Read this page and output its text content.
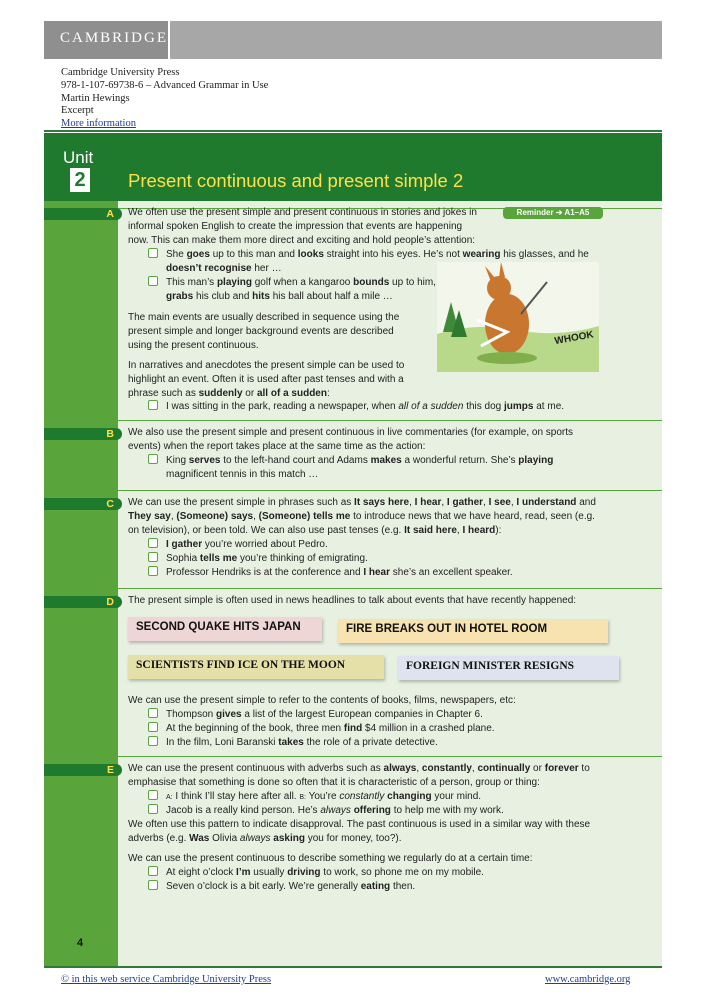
CAMBRIDGE
Cambridge University Press
978-1-107-69738-6 – Advanced Grammar in Use
Martin Hewings
Excerpt
More information
Unit
2 Present continuous and present simple 2
A	Reminder ➜ A1–A5
We often use the present simple and present continuous in stories and jokes in informal spoken English to create the impression that events are happening now. This can make them more direct and exciting and hold people’s attention:
She goes up to this man and looks straight into his eyes. He’s not wearing his glasses, and he doesn’t recognise her …
This man’s playing golf when a kangaroo bounds up to him, grabs his club and hits his ball about half a mile …
The main events are usually described in sequence using the present simple and longer background events are described using the present continuous.
In narratives and anecdotes the present simple can be used to highlight an event. Often it is used after past tenses and with a phrase such as suddenly or all of a sudden:
I was sitting in the park, reading a newspaper, when all of a sudden this dog jumps at me.
WHOOK
B	We also use the present simple and present continuous in live commentaries (for example, on sports events) when the report takes place at the same time as the action:
King serves to the left-hand court and Adams makes a wonderful return. She’s playing magnificent tennis in this match …
C	We can use the present simple in phrases such as It says here, I hear, I gather, I see, I understand and They say, (Someone) says, (Someone) tells me to introduce news that we have heard, read, seen (e.g. on television), or been told. We can also use past tenses (e.g. It said here, I heard):
I gather you’re worried about Pedro.
Sophia tells me you’re thinking of emigrating.
Professor Hendriks is at the conference and I hear she’s an excellent speaker.
D	The present simple is often used in news headlines to talk about events that have recently happened:
SECOND QUAKE HITS JAPAN	FIRE BREAKS OUT IN HOTEL ROOM
SCIENTISTS FIND ICE ON THE MOON	FOREIGN MINISTER RESIGNS
We can use the present simple to refer to the contents of books, films, newspapers, etc:
Thompson gives a list of the largest European companies in Chapter 6.
At the beginning of the book, three men find $4 million in a crashed plane.
In the film, Loni Baranski takes the role of a private detective.
E	We can use the present continuous with adverbs such as always, constantly, continually or forever to emphasise that something is done so often that it is characteristic of a person, group or thing:
A: I think I’ll stay here after all. B: You’re constantly changing your mind.
Jacob is a really kind person. He’s always offering to help me with my work.
We often use this pattern to indicate disapproval. The past continuous is used in a similar way with these adverbs (e.g. Was Olivia always asking you for money, too?).
We can use the present continuous to describe something we regularly do at a certain time:
At eight o’clock I’m usually driving to work, so phone me on my mobile.
Seven o’clock is a bit early. We’re generally eating then.
4
© in this web service Cambridge University Press	www.cambridge.org
